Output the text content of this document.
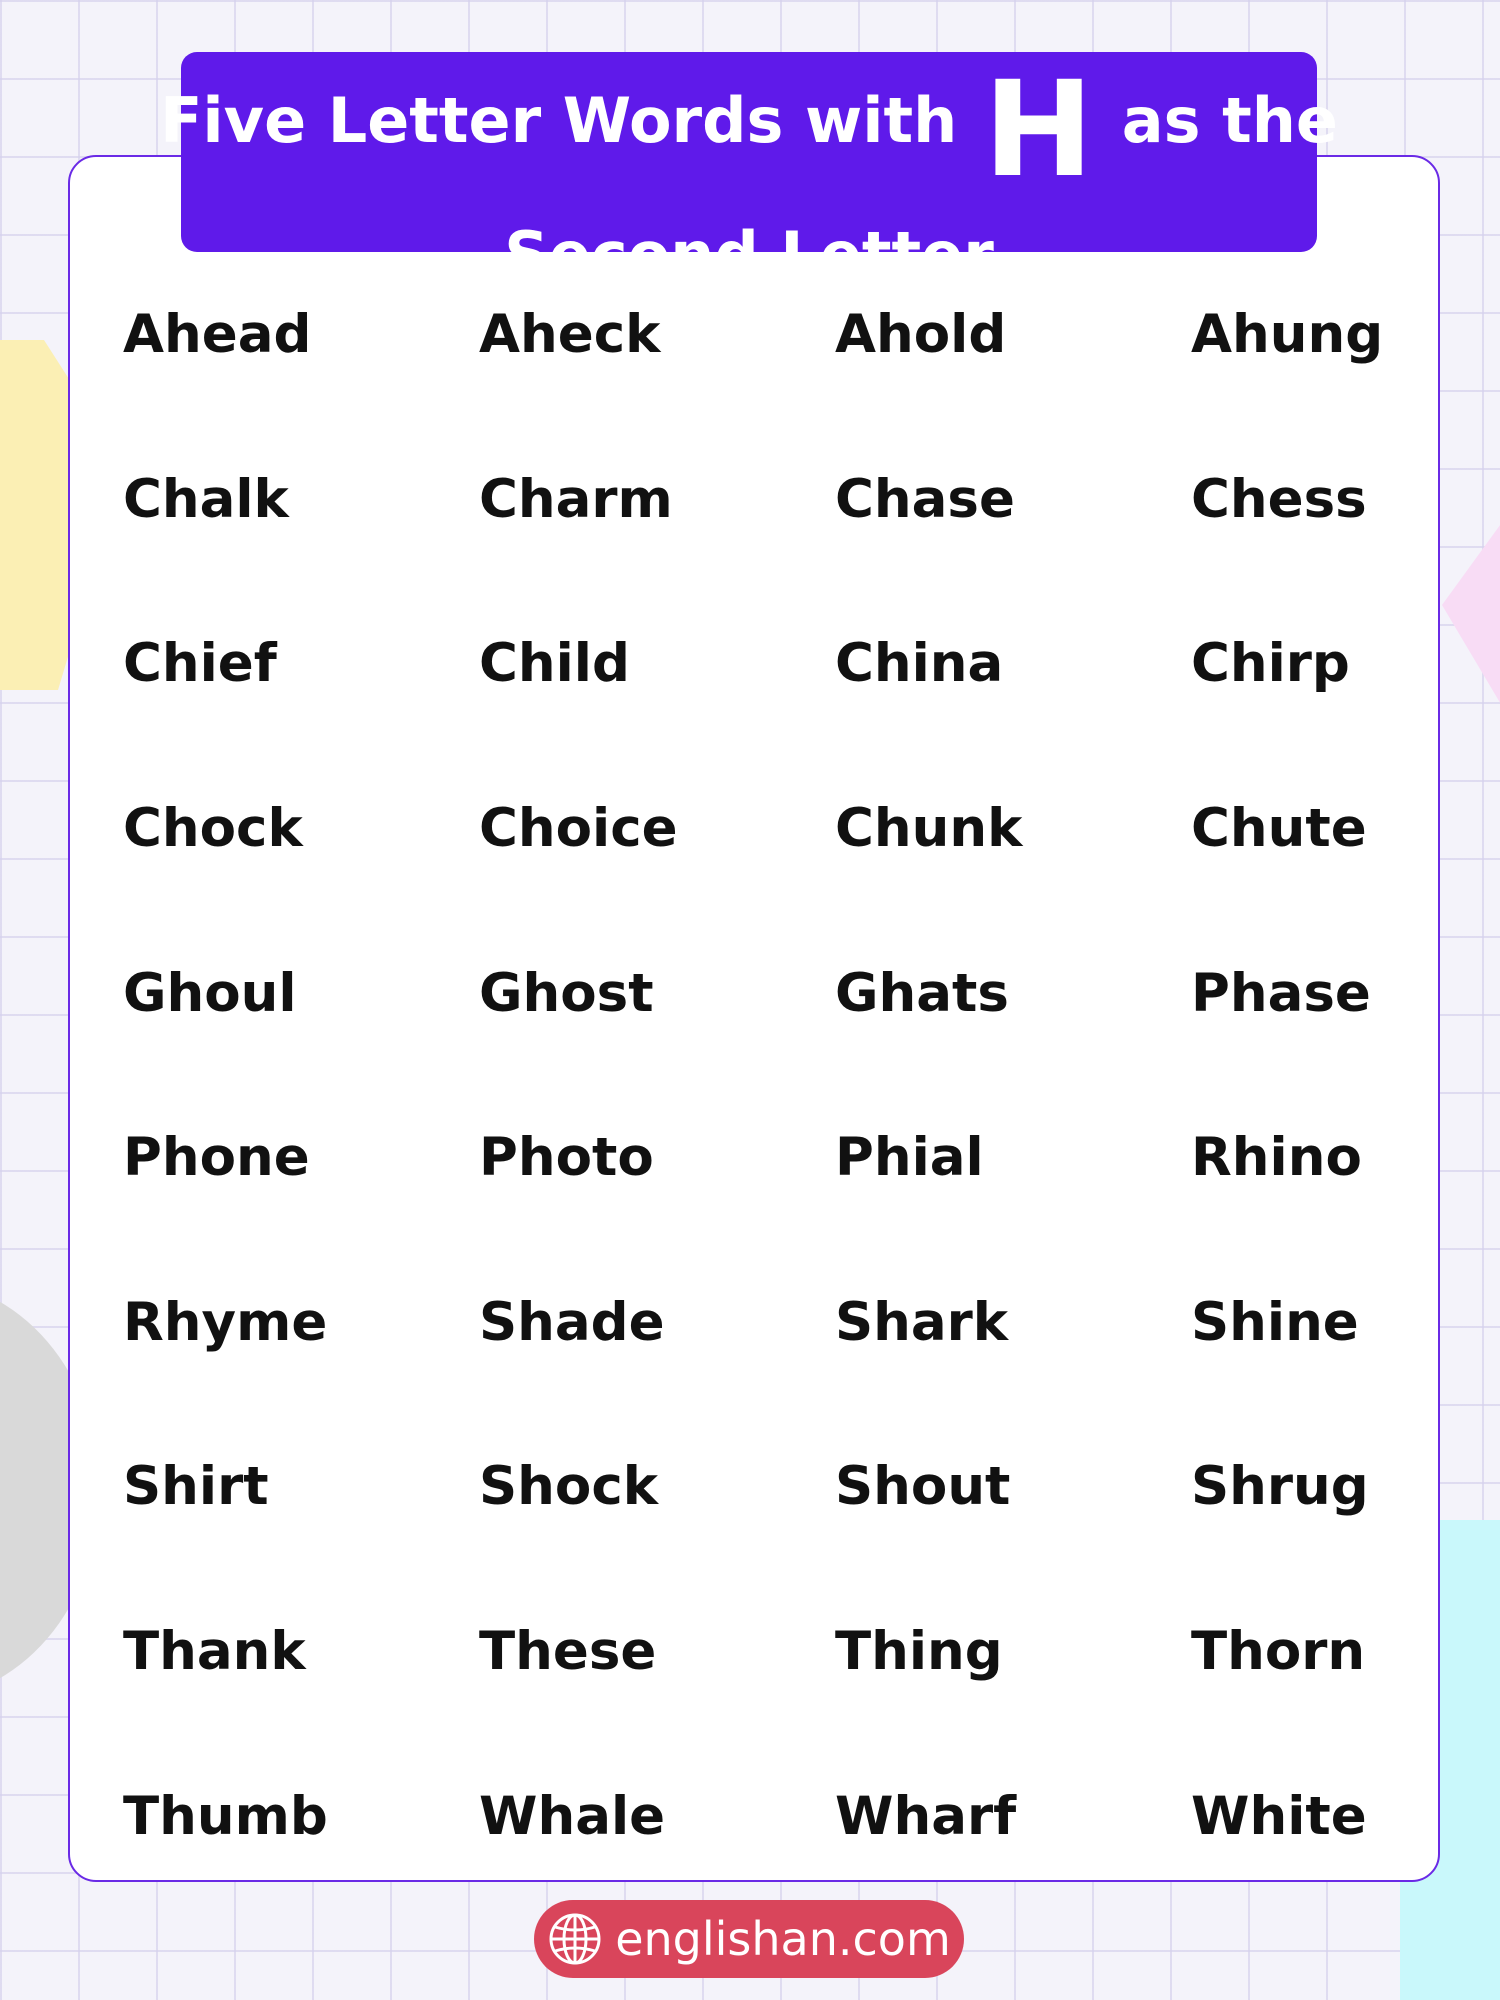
Five Letter Words with H as the
Second Letter
Ahead	Aheck	Ahold	Ahung
Chalk	Charm	Chase	Chess
Chief	Child	China	Chirp
Chock	Choice	Chunk	Chute
Ghoul	Ghost	Ghats	Phase
Phone	Photo	Phial	Rhino
Rhyme	Shade	Shark	Shine
Shirt	Shock	Shout	Shrug
Thank	These	Thing	Thorn
Thumb	Whale	Wharf	White
englishan.com
